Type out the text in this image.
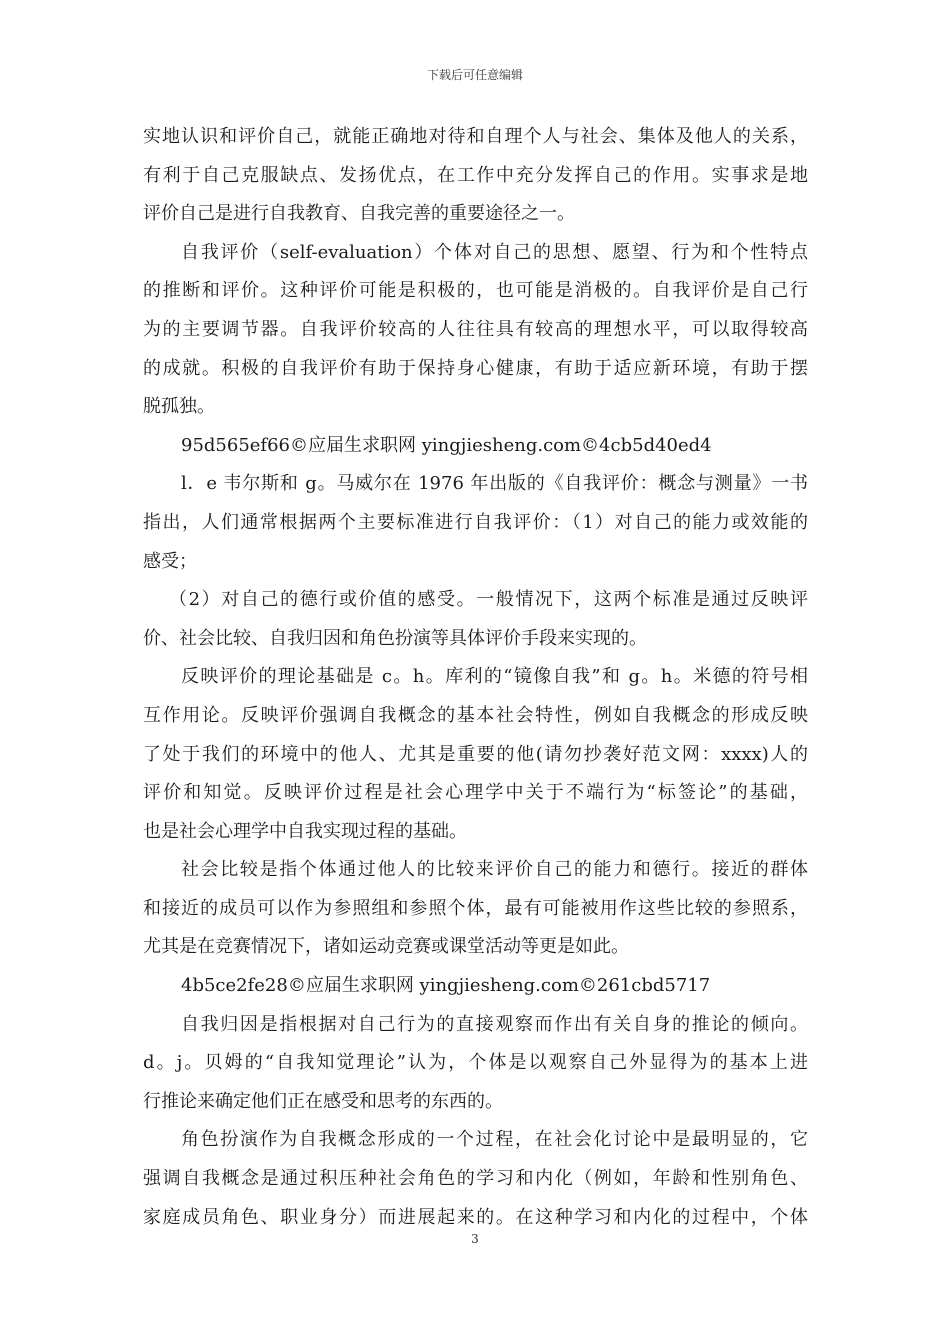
下载后可任意编辑
实地认识和评价自己，就能正确地对待和自理个人与社会、集体及他人的关系，
有利于自己克服缺点、发扬优点，在工作中充分发挥自己的作用。实事求是地
评价自己是进行自我教育、自我完善的重要途径之一。
自我评价（self-evaluation）个体对自己的思想、愿望、行为和个性特点
的推断和评价。这种评价可能是积极的，也可能是消极的。自我评价是自己行
为的主要调节器。自我评价较高的人往往具有较高的理想水平，可以取得较高
的成就。积极的自我评价有助于保持身心健康，有助于适应新环境，有助于摆
脱孤独。
95d565ef66©应届生求职网 yingjiesheng.com©4cb5d40ed4
l．e 韦尔斯和 g。马威尔在 1976 年出版的《自我评价：概念与测量》一书
指出，人们通常根据两个主要标准进行自我评价：（1）对自己的能力或效能的
感受；
（2）对自己的德行或价值的感受。一般情况下，这两个标准是通过反映评
价、社会比较、自我归因和角色扮演等具体评价手段来实现的。
反映评价的理论基础是 c。h。库利的“镜像自我”和 g。h。米德的符号相
互作用论。反映评价强调自我概念的基本社会特性，例如自我概念的形成反映
了处于我们的环境中的他人、尤其是重要的他(请勿抄袭好范文网：xxxx)人的
评价和知觉。反映评价过程是社会心理学中关于不端行为“标签论”的基础，
也是社会心理学中自我实现过程的基础。
社会比较是指个体通过他人的比较来评价自己的能力和德行。接近的群体
和接近的成员可以作为参照组和参照个体，最有可能被用作这些比较的参照系，
尤其是在竞赛情况下，诸如运动竞赛或课堂活动等更是如此。
4b5ce2fe28©应届生求职网 yingjiesheng.com©261cbd5717
自我归因是指根据对自己行为的直接观察而作出有关自身的推论的倾向。
d。j。贝姆的“自我知觉理论”认为，个体是以观察自己外显得为的基本上进
行推论来确定他们正在感受和思考的东西的。
角色扮演作为自我概念形成的一个过程，在社会化讨论中是最明显的，它
强调自我概念是通过积压种社会角色的学习和内化（例如，年龄和性别角色、
家庭成员角色、职业身分）而进展起来的。在这种学习和内化的过程中，个体
3
